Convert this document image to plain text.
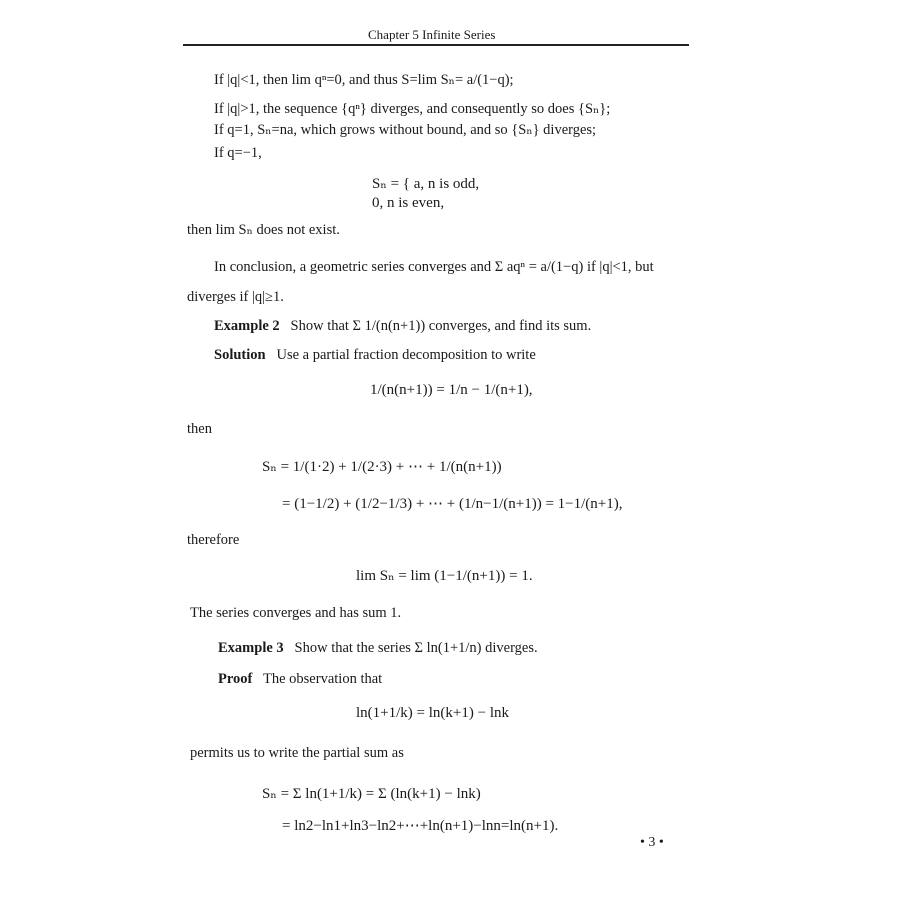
Chapter 5 Infinite Series
If |q|<1, then lim qⁿ=0, and thus S=lim Sₙ= a/(1−q);
If |q|>1, the sequence {qⁿ} diverges, and consequently so does {Sₙ};
If q=1, Sₙ=na, which grows without bound, and so {Sₙ} diverges;
If q=−1,
Sₙ = { a, n is odd,
0, n is even,
then lim Sₙ does not exist.
In conclusion, a geometric series converges and Σ aqⁿ = a/(1−q) if |q|<1, but
diverges if |q|≥1.
Example 2 Show that Σ 1/(n(n+1)) converges, and find its sum.
Solution Use a partial fraction decomposition to write
1/(n(n+1)) = 1/n − 1/(n+1),
then
Sₙ = 1/(1·2) + 1/(2·3) + ⋯ + 1/(n(n+1))
= (1−1/2) + (1/2−1/3) + ⋯ + (1/n−1/(n+1)) = 1−1/(n+1),
therefore
lim Sₙ = lim (1−1/(n+1)) = 1.
The series converges and has sum 1.
Example 3 Show that the series Σ ln(1+1/n) diverges.
Proof The observation that
ln(1+1/k) = ln(k+1) − lnk
permits us to write the partial sum as
Sₙ = Σ ln(1+1/k) = Σ (ln(k+1) − lnk)
= ln2−ln1+ln3−ln2+⋯+ln(n+1)−lnn=ln(n+1).
• 3 •
